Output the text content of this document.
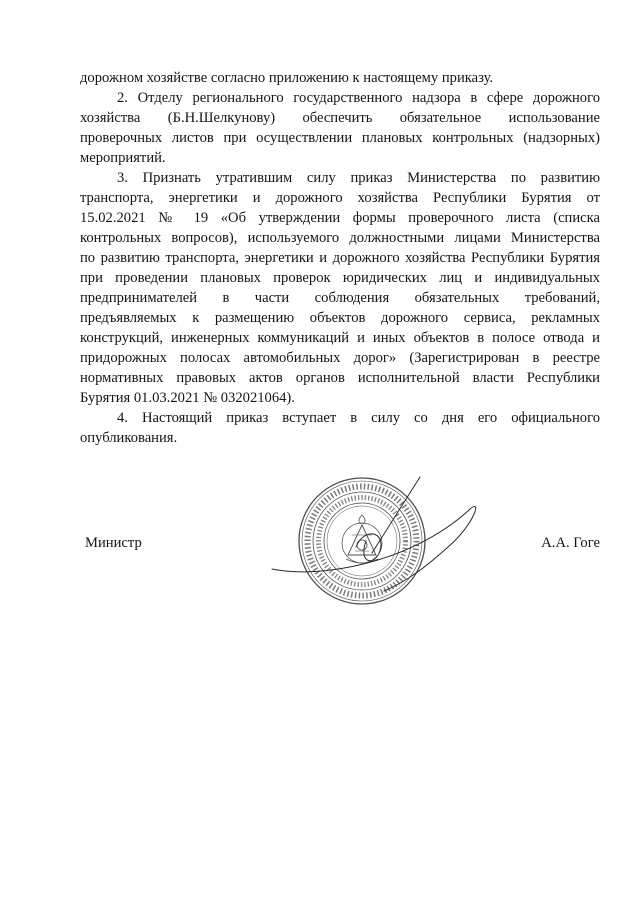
дорожном хозяйстве согласно приложению к настоящему приказу.
2. Отделу регионального государственного надзора в сфере дорожного
хозяйства (Б.Н.Шелкунову) обеспечить обязательное использование
проверочных листов при осуществлении плановых контрольных (надзорных)
мероприятий.
3. Признать утратившим силу приказ Министерства по развитию
транспорта, энергетики и дорожного хозяйства Республики Бурятия от
15.02.2021 № 19 «Об утверждении формы проверочного листа (списка
контрольных вопросов), используемого должностными лицами Министерства
по развитию транспорта, энергетики и дорожного хозяйства Республики Бурятия
при проведении плановых проверок юридических лиц и индивидуальных
предпринимателей в части соблюдения обязательных требований,
предъявляемых к размещению объектов дорожного сервиса, рекламных
конструкций, инженерных коммуникаций и иных объектов в полосе отвода и
придорожных полосах автомобильных дорог» (Зарегистрирован в реестре
нормативных правовых актов органов исполнительной власти Республики
Бурятия 01.03.2021 № 032021064).
4. Настоящий приказ вступает в силу со дня его официального
опубликования.
Министр	А.А. Гоге
